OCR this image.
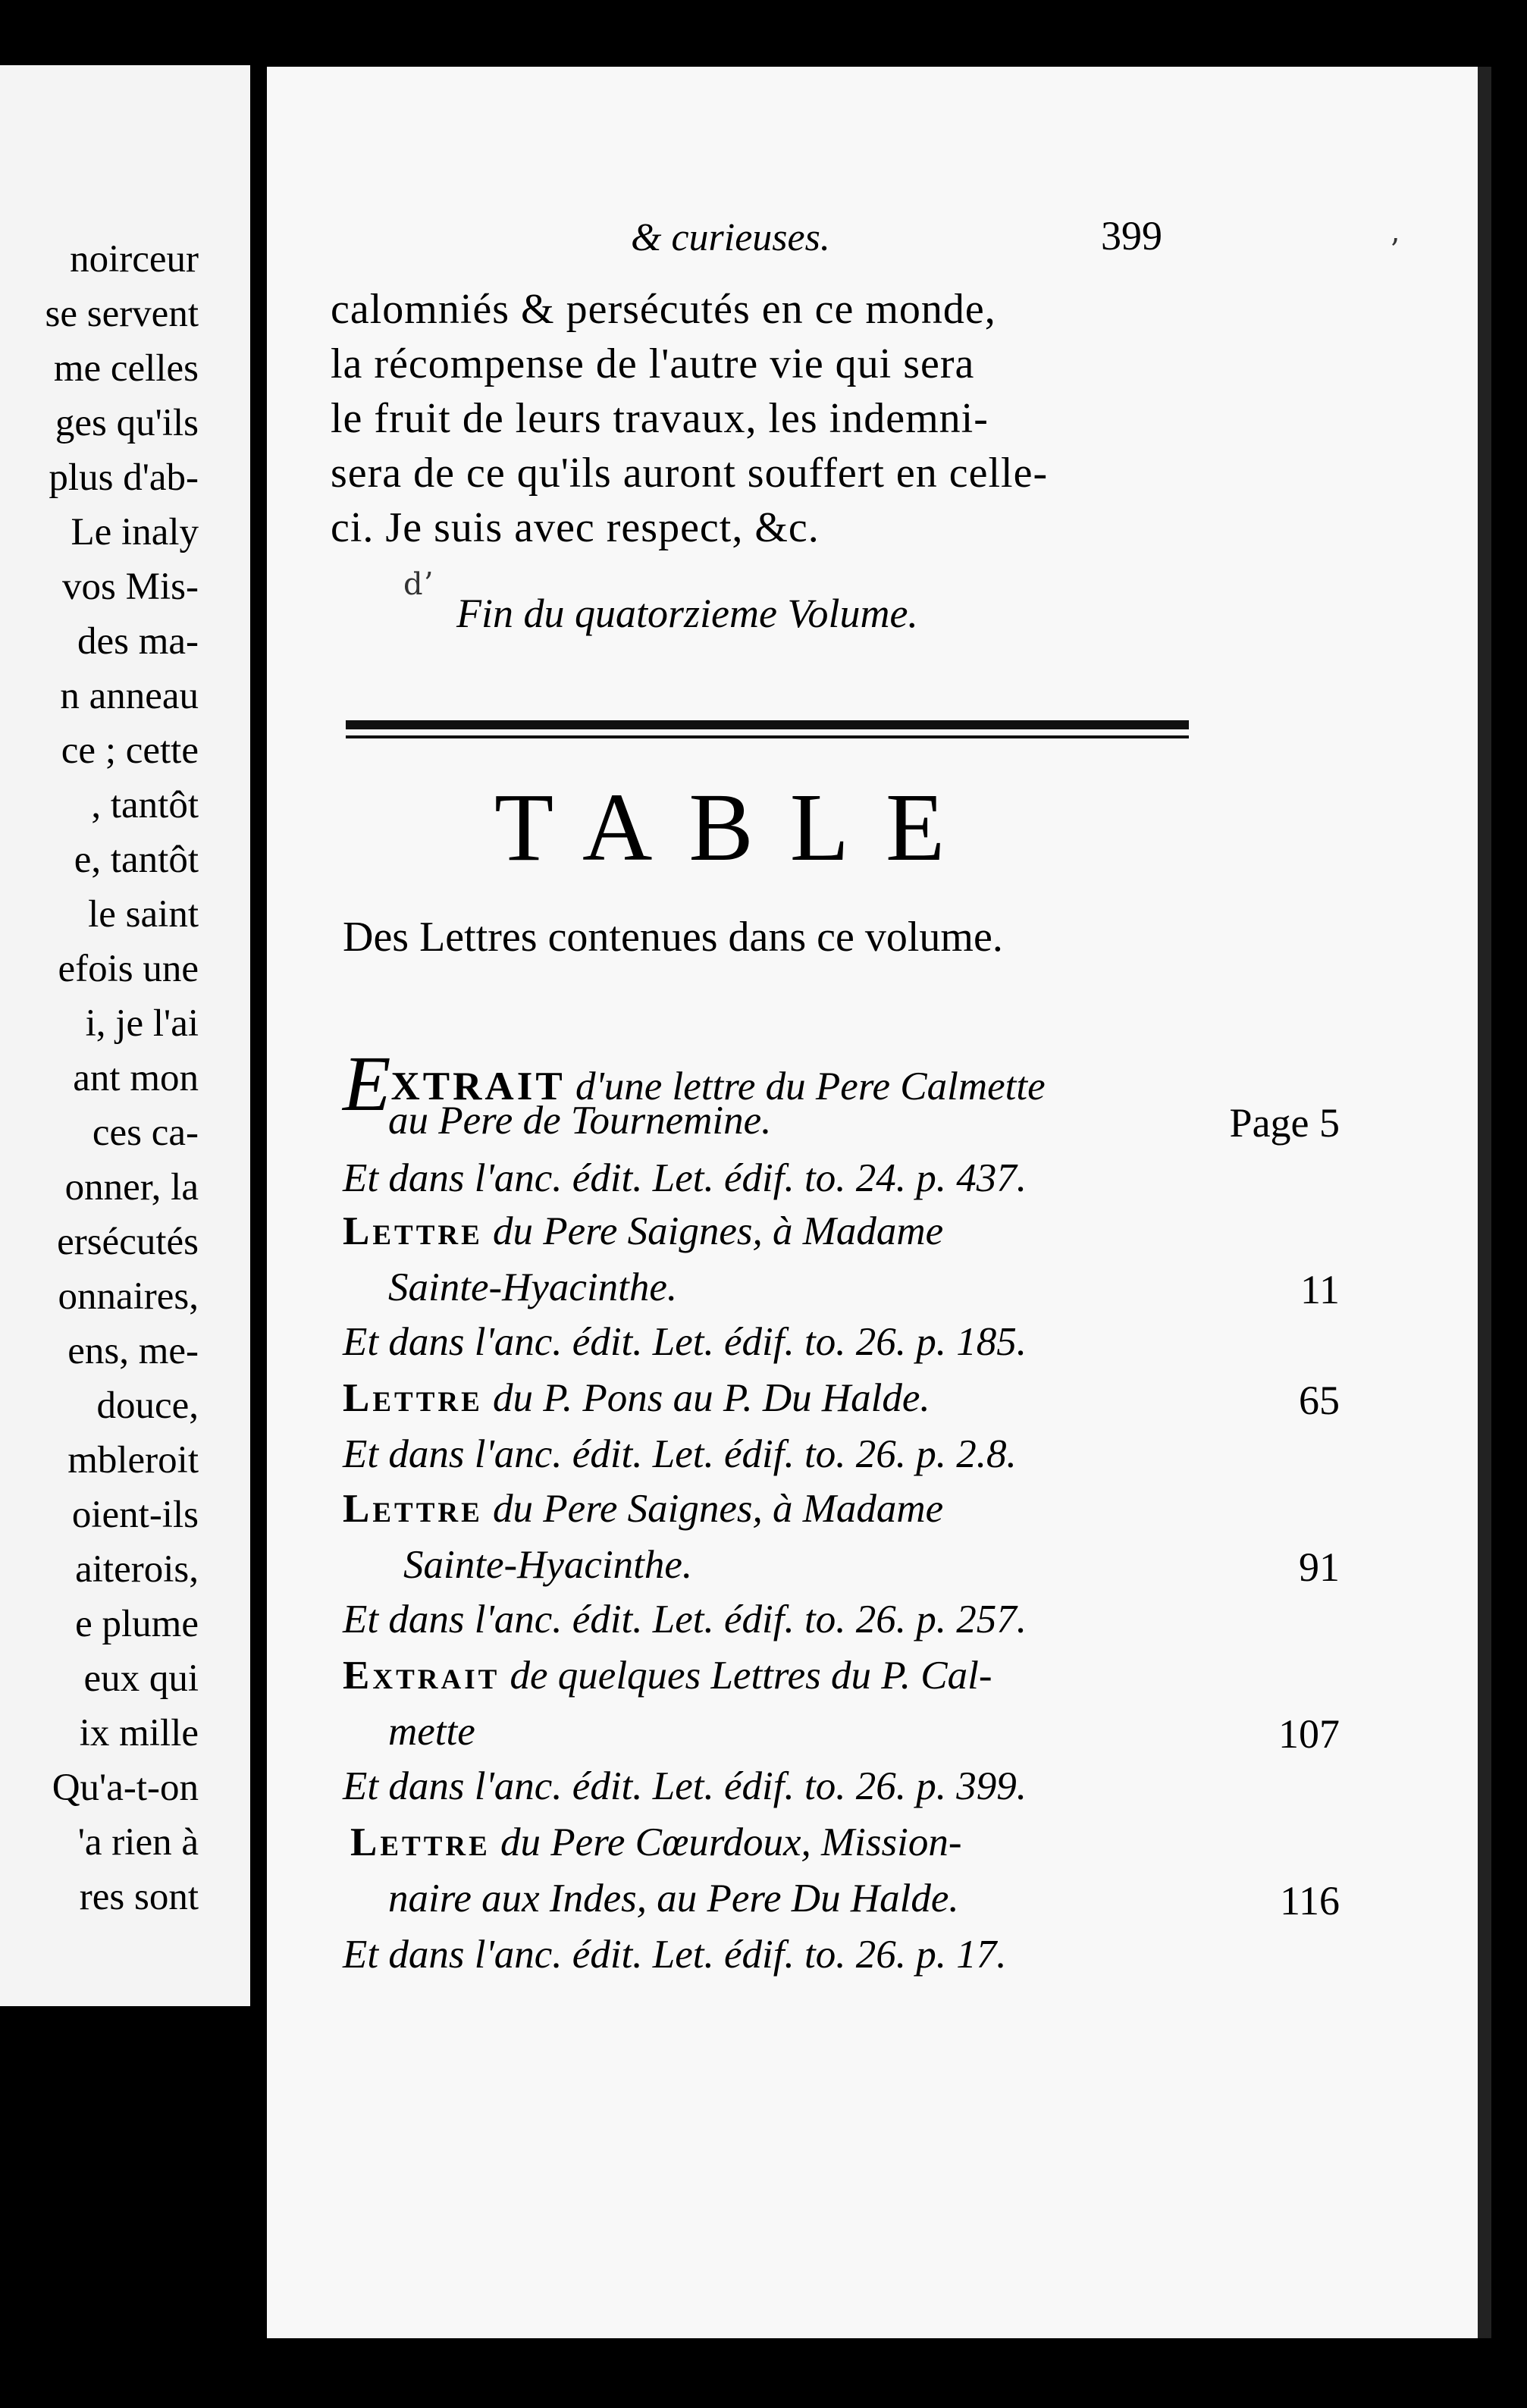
noirceur
se servent
me celles
ges qu'ils
plus d'ab-
Le inaly
vos Mis-
des ma-
n anneau
ce ; cette
, tantôt
e, tantôt
le saint
efois une
i, je l'ai
ant mon
ces ca-
onner, la
ersécutés
onnaires,
ens, me-
douce,
mbleroit
oient-ils
aiterois,
e plume
eux qui
ix mille
Qu'a-t-on
'a rien à
res sont
& curieuses.	399
calomniés & persécutés en ce monde,
la récompense de l'autre vie qui sera
le fruit de leurs travaux, les indemni-
sera de ce qu'ils auront souffert en celle-
ci. Je suis avec respect, &c.
Fin du quatorzieme Volume.
TABLE
Des Lettres contenues dans ce volume.
EXTRAIT d'une lettre du Pere Calmette
au Pere de Tournemine.	Page 5
Et dans l'anc. édit. Let. édif. to. 24. p. 437.
Lettre du Pere Saignes, à Madame
Sainte-Hyacinthe.	11
Et dans l'anc. édit. Let. édif. to. 26. p. 185.
Lettre du P. Pons au P. Du Halde.	65
Et dans l'anc. édit. Let. édif. to. 26. p. 2.8.
Lettre du Pere Saignes, à Madame
Sainte-Hyacinthe.	91
Et dans l'anc. édit. Let. édif. to. 26. p. 257.
Extrait de quelques Lettres du P. Cal-
mette	107
Et dans l'anc. édit. Let. édif. to. 26. p. 399.
Lettre du Pere Cœurdoux, Mission-
naire aux Indes, au Pere Du Halde.	116
Et dans l'anc. édit. Let. édif. to. 26. p. 17.
dʼ
ʼ
